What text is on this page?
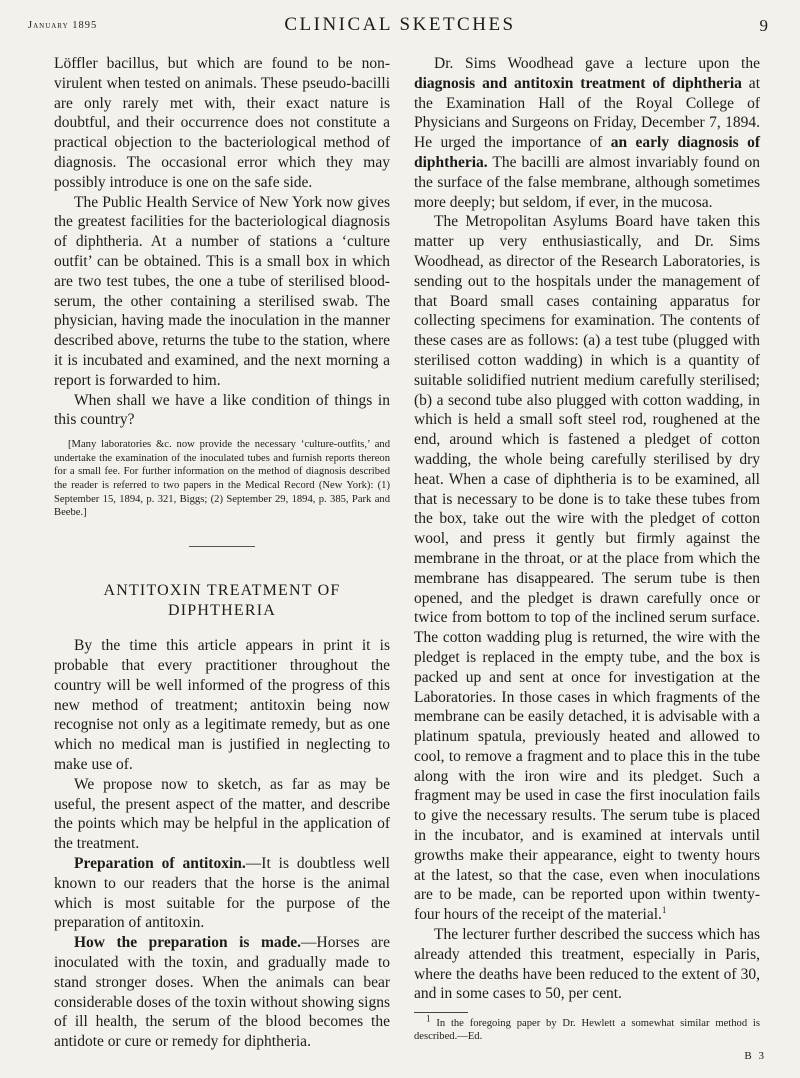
January 1895	CLINICAL SKETCHES	9

Löffler bacillus, but which are found to be non-virulent when tested on animals. These pseudo-bacilli are only rarely met with, their exact nature is doubtful, and their occurrence does not constitute a practical objection to the bacteriological method of diagnosis. The occasional error which they may possibly introduce is one on the safe side.

The Public Health Service of New York now gives the greatest facilities for the bacteriological diagnosis of diphtheria. At a number of stations a ‘culture outfit’ can be obtained. This is a small box in which are two test tubes, the one a tube of sterilised blood-serum, the other containing a sterilised swab. The physician, having made the inoculation in the manner described above, returns the tube to the station, where it is incubated and examined, and the next morning a report is forwarded to him.

When shall we have a like condition of things in this country?

[Many laboratories &c. now provide the necessary ‘culture-outfits,’ and undertake the examination of the inoculated tubes and furnish reports thereon for a small fee. For further information on the method of diagnosis described the reader is referred to two papers in the Medical Record (New York): (1) September 15, 1894, p. 321, Biggs; (2) September 29, 1894, p. 385, Park and Beebe.]

ANTITOXIN TREATMENT OF DIPHTHERIA

By the time this article appears in print it is probable that every practitioner throughout the country will be well informed of the progress of this new method of treatment; antitoxin being now recognise not only as a legitimate remedy, but as one which no medical man is justified in neglecting to make use of.

We propose now to sketch, as far as may be useful, the present aspect of the matter, and describe the points which may be helpful in the application of the treatment.

Preparation of antitoxin.—It is doubtless well known to our readers that the horse is the animal which is most suitable for the purpose of the preparation of antitoxin.

How the preparation is made.—Horses are inoculated with the toxin, and gradually made to stand stronger doses. When the animals can bear considerable doses of the toxin without showing signs of ill health, the serum of the blood becomes the antidote or cure or remedy for diphtheria.

Dr. Sims Woodhead gave a lecture upon the diagnosis and antitoxin treatment of diphtheria at the Examination Hall of the Royal College of Physicians and Surgeons on Friday, December 7, 1894. He urged the importance of an early diagnosis of diphtheria. The bacilli are almost invariably found on the surface of the false membrane, although sometimes more deeply; but seldom, if ever, in the mucosa.

The Metropolitan Asylums Board have taken this matter up very enthusiastically, and Dr. Sims Woodhead, as director of the Research Laboratories, is sending out to the hospitals under the management of that Board small cases containing apparatus for collecting specimens for examination. The contents of these cases are as follows: (a) a test tube (plugged with sterilised cotton wadding) in which is a quantity of suitable solidified nutrient medium carefully sterilised; (b) a second tube also plugged with cotton wadding, in which is held a small soft steel rod, roughened at the end, around which is fastened a pledget of cotton wadding, the whole being carefully sterilised by dry heat. When a case of diphtheria is to be examined, all that is necessary to be done is to take these tubes from the box, take out the wire with the pledget of cotton wool, and press it gently but firmly against the membrane in the throat, or at the place from which the membrane has disappeared. The serum tube is then opened, and the pledget is drawn carefully once or twice from bottom to top of the inclined serum surface. The cotton wadding plug is returned, the wire with the pledget is replaced in the empty tube, and the box is packed up and sent at once for investigation at the Laboratories. In those cases in which fragments of the membrane can be easily detached, it is advisable with a platinum spatula, previously heated and allowed to cool, to remove a fragment and to place this in the tube along with the iron wire and its pledget. Such a fragment may be used in case the first inoculation fails to give the necessary results. The serum tube is placed in the incubator, and is examined at intervals until growths make their appearance, eight to twenty hours at the latest, so that the case, even when inoculations are to be made, can be reported upon within twenty-four hours of the receipt of the material.$^1$

The lecturer further described the success which has already attended this treatment, especially in Paris, where the deaths have been reduced to the extent of 30, and in some cases to 50, per cent.

$^1$ In the foregoing paper by Dr. Hewlett a somewhat similar method is described.—Ed.

B 3
